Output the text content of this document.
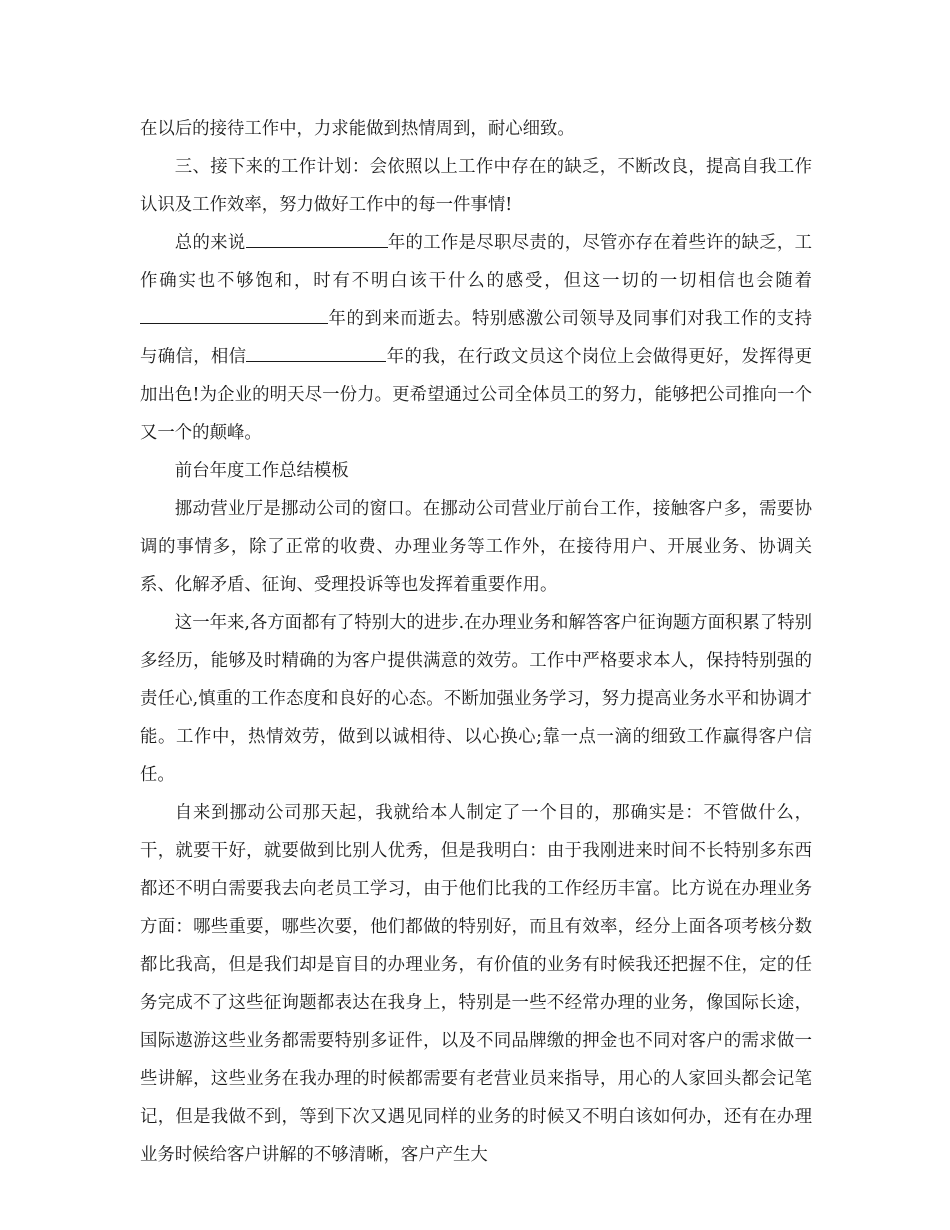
在以后的接待工作中，力求能做到热情周到，耐心细致。

三、接下来的工作计划：会依照以上工作中存在的缺乏，不断改良，提高自我工作认识及工作效率，努力做好工作中的每一件事情!

总的来说	年的工作是尽职尽责的，尽管亦存在着些许的缺乏，工作确实也不够饱和，时有不明白该干什么的感受，但这一切的一切相信也会随着年的到来而逝去。特别感激公司领导及同事们对我工作的支持与确信，相信	年的我，在行政文员这个岗位上会做得更好，发挥得更加出色!为企业的明天尽一份力。更希望通过公司全体员工的努力，能够把公司推向一个又一个的颠峰。

前台年度工作总结模板

挪动营业厅是挪动公司的窗口。在挪动公司营业厅前台工作，接触客户多，需要协调的事情多，除了正常的收费、办理业务等工作外，在接待用户、开展业务、协调关系、化解矛盾、征询、受理投诉等也发挥着重要作用。

这一年来,各方面都有了特别大的进步.在办理业务和解答客户征询题方面积累了特别多经历，能够及时精确的为客户提供满意的效劳。工作中严格要求本人，保持特别强的责任心,慎重的工作态度和良好的心态。不断加强业务学习，努力提高业务水平和协调才能。工作中，热情效劳，做到以诚相待、以心换心;靠一点一滴的细致工作赢得客户信任。

自来到挪动公司那天起，我就给本人制定了一个目的，那确实是：不管做什么，干，就要干好，就要做到比别人优秀，但是我明白：由于我刚进来时间不长特别多东西都还不明白需要我去向老员工学习，由于他们比我的工作经历丰富。比方说在办理业务方面：哪些重要，哪些次要，他们都做的特别好，而且有效率，经分上面各项考核分数都比我高，但是我们却是盲目的办理业务，有价值的业务有时候我还把握不住，定的任务完成不了这些征询题都表达在我身上，特别是一些不经常办理的业务，像国际长途，国际遨游这些业务都需要特别多证件，以及不同品牌缴的押金也不同对客户的需求做一些讲解，这些业务在我办理的时候都需要有老营业员来指导，用心的人家回头都会记笔记，但是我做不到，等到下次又遇见同样的业务的时候又不明白该如何办，还有在办理业务时候给客户讲解的不够清晰，客户产生大
